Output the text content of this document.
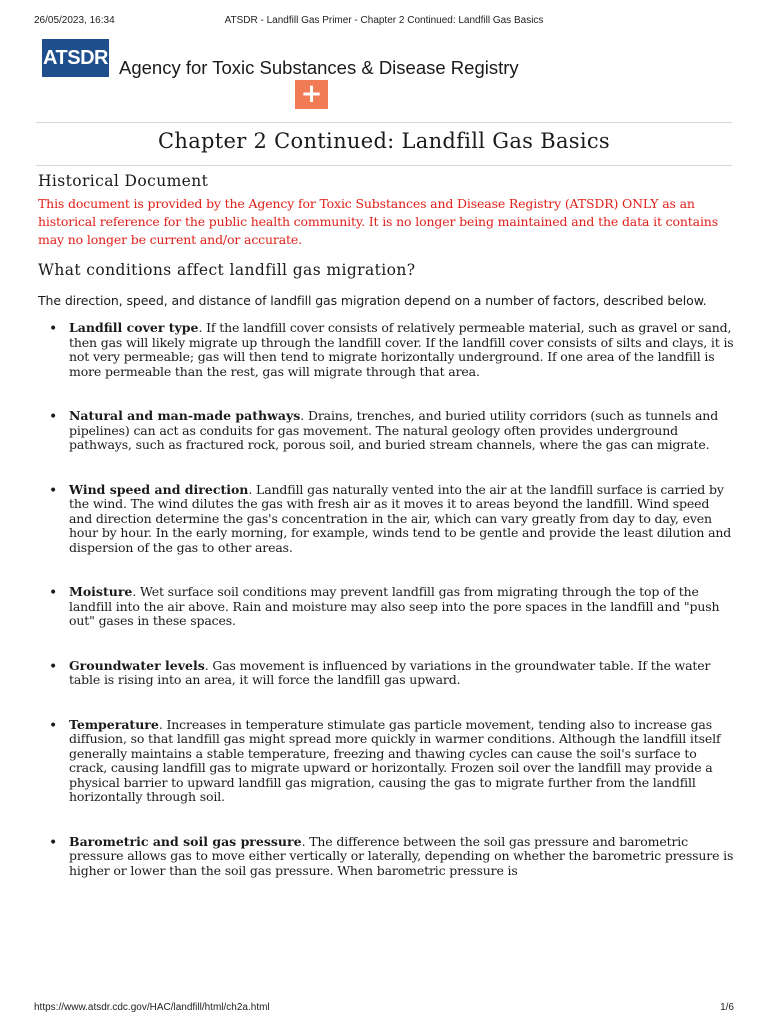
26/05/2023, 16:34	ATSDR - Landfill Gas Primer - Chapter 2 Continued: Landfill Gas Basics
ATSDR Agency for Toxic Substances & Disease Registry
+
Chapter 2 Continued: Landfill Gas Basics
Historical Document

This document is provided by the Agency for Toxic Substances and Disease Registry (ATSDR) ONLY as an historical reference for the public health community. It is no longer being maintained and the data it contains may no longer be current and/or accurate.

What conditions affect landfill gas migration?

The direction, speed, and distance of landfill gas migration depend on a number of factors, described below.

• Landfill cover type. If the landfill cover consists of relatively permeable material, such as gravel or sand, then gas will likely migrate up through the landfill cover. If the landfill cover consists of silts and clays, it is not very permeable; gas will then tend to migrate horizontally underground. If one area of the landfill is more permeable than the rest, gas will migrate through that area.
• Natural and man-made pathways. Drains, trenches, and buried utility corridors (such as tunnels and pipelines) can act as conduits for gas movement. The natural geology often provides underground pathways, such as fractured rock, porous soil, and buried stream channels, where the gas can migrate.
• Wind speed and direction. Landfill gas naturally vented into the air at the landfill surface is carried by the wind. The wind dilutes the gas with fresh air as it moves it to areas beyond the landfill. Wind speed and direction determine the gas's concentration in the air, which can vary greatly from day to day, even hour by hour. In the early morning, for example, winds tend to be gentle and provide the least dilution and dispersion of the gas to other areas.
• Moisture. Wet surface soil conditions may prevent landfill gas from migrating through the top of the landfill into the air above. Rain and moisture may also seep into the pore spaces in the landfill and "push out" gases in these spaces.
• Groundwater levels. Gas movement is influenced by variations in the groundwater table. If the water table is rising into an area, it will force the landfill gas upward.
• Temperature. Increases in temperature stimulate gas particle movement, tending also to increase gas diffusion, so that landfill gas might spread more quickly in warmer conditions. Although the landfill itself generally maintains a stable temperature, freezing and thawing cycles can cause the soil's surface to crack, causing landfill gas to migrate upward or horizontally. Frozen soil over the landfill may provide a physical barrier to upward landfill gas migration, causing the gas to migrate further from the landfill horizontally through soil.
• Barometric and soil gas pressure. The difference between the soil gas pressure and barometric pressure allows gas to move either vertically or laterally, depending on whether the barometric pressure is higher or lower than the soil gas pressure. When barometric pressure is
https://www.atsdr.cdc.gov/HAC/landfill/html/ch2a.html	1/6
